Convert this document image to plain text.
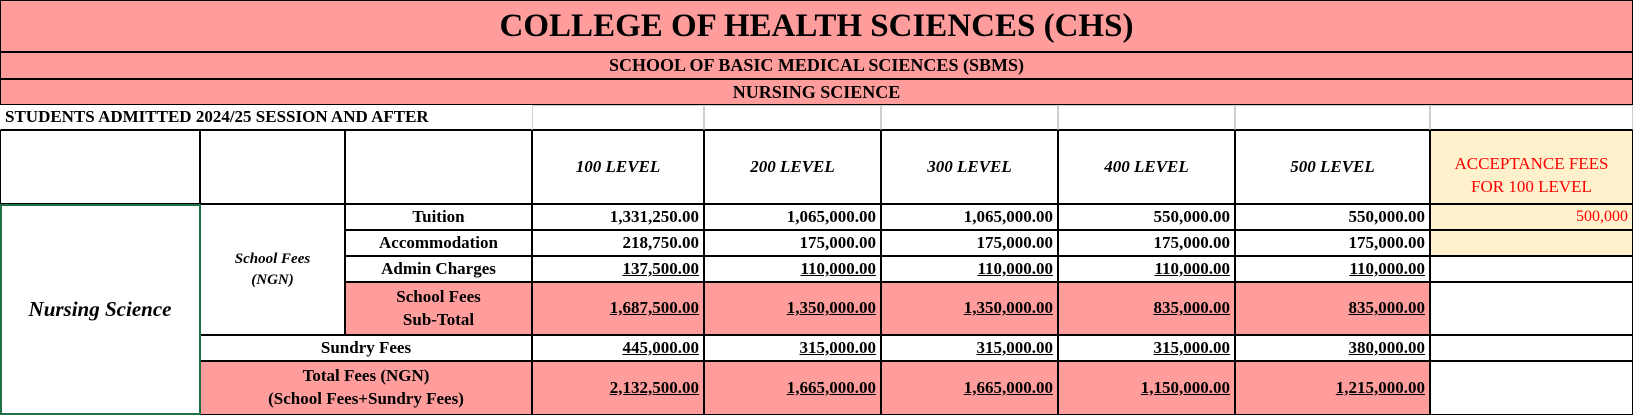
COLLEGE OF HEALTH SCIENCES (CHS)
SCHOOL OF BASIC MEDICAL SCIENCES (SBMS)
NURSING SCIENCE
STUDENTS ADMITTED 2024/25 SESSION AND AFTER
100 LEVEL	200 LEVEL	300 LEVEL	400 LEVEL	500 LEVEL	ACCEPTANCE FEES
FOR 100 LEVEL
Nursing Science
School Fees
(NGN)
Tuition	1,331,250.00	1,065,000.00	1,065,000.00	550,000.00	550,000.00	500,000
Accommodation	218,750.00	175,000.00	175,000.00	175,000.00	175,000.00
Admin Charges	137,500.00	110,000.00	110,000.00	110,000.00	110,000.00
School Fees
Sub-Total
1,687,500.00	1,350,000.00	1,350,000.00	835,000.00	835,000.00
Sundry Fees	445,000.00	315,000.00	315,000.00	315,000.00	380,000.00
Total Fees (NGN)
(School Fees+Sundry Fees)
2,132,500.00	1,665,000.00	1,665,000.00	1,150,000.00	1,215,000.00
